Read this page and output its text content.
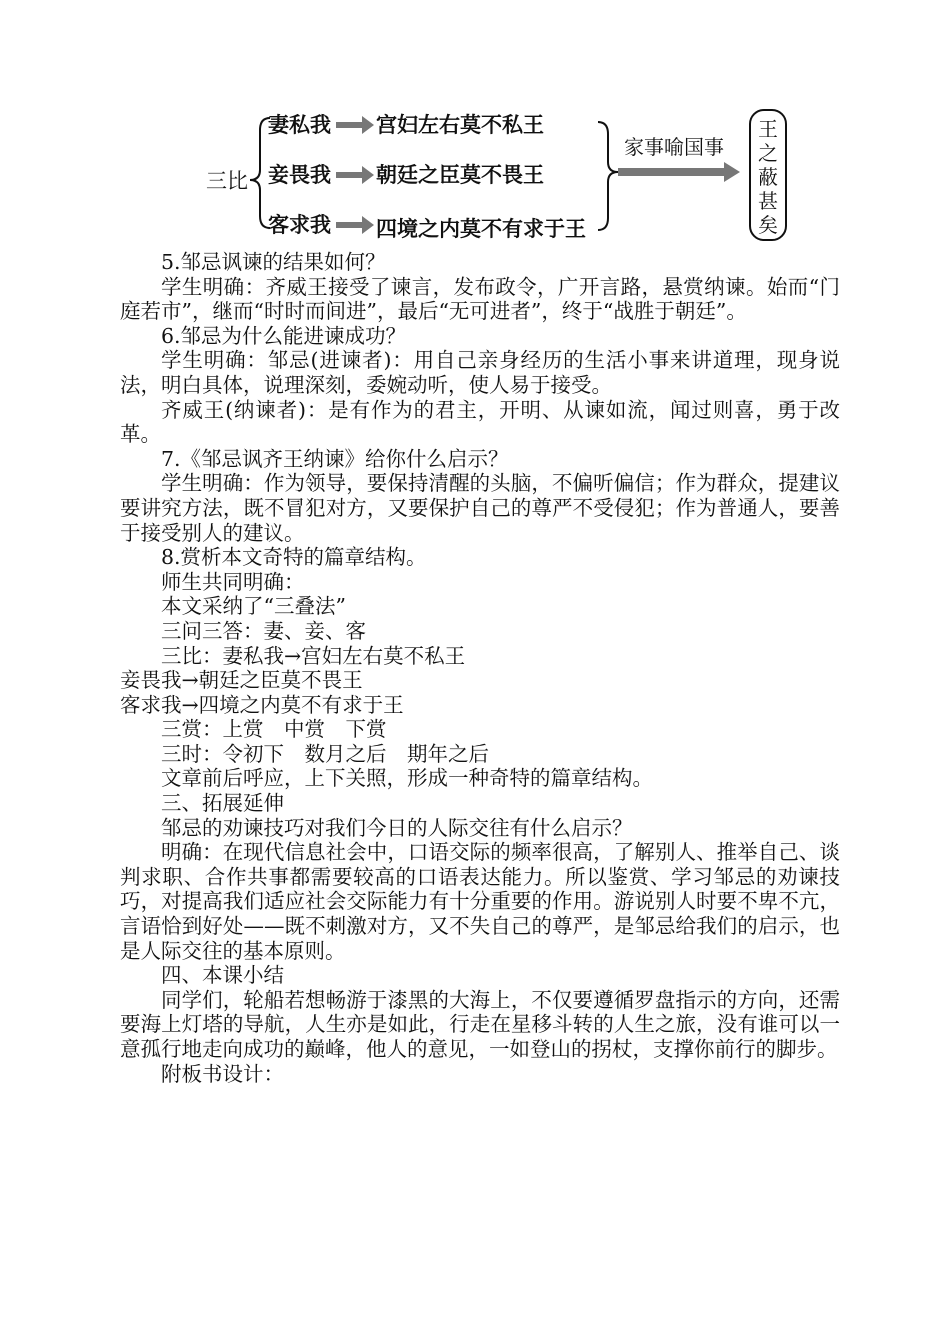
三比
妻私我 宫妇左右莫不私王
妾畏我 朝廷之臣莫不畏王
客求我 四境之内莫不有求于王
家事喻国事
王
之
蔽
甚
矣

5.邹忌讽谏的结果如何？

学生明确：齐威王接受了谏言，发布政令，广开言路，悬赏纳谏。始而“门庭若市”，继而“时时而间进”，最后“无可进者”，终于“战胜于朝廷”。

6.邹忌为什么能进谏成功？

学生明确：邹忌(进谏者)：用自己亲身经历的生活小事来讲道理，现身说法，明白具体，说理深刻，委婉动听，使人易于接受。

齐威王(纳谏者)：是有作为的君主，开明、从谏如流，闻过则喜，勇于改革。

7.《邹忌讽齐王纳谏》给你什么启示？

学生明确：作为领导，要保持清醒的头脑，不偏听偏信；作为群众，提建议要讲究方法，既不冒犯对方，又要保护自己的尊严不受侵犯；作为普通人，要善于接受别人的建议。

8.赏析本文奇特的篇章结构。

师生共同明确：

本文采纳了“三叠法”

三问三答：妻、妾、客

三比：妻私我→宫妇左右莫不私王

妾畏我→朝廷之臣莫不畏王

客求我→四境之内莫不有求于王

三赏：上赏　中赏　下赏

三时：令初下　数月之后　期年之后

文章前后呼应，上下关照，形成一种奇特的篇章结构。

三、拓展延伸

邹忌的劝谏技巧对我们今日的人际交往有什么启示？

明确：在现代信息社会中，口语交际的频率很高，了解别人、推举自己、谈判求职、合作共事都需要较高的口语表达能力。所以鉴赏、学习邹忌的劝谏技巧，对提高我们适应社会交际能力有十分重要的作用。游说别人时要不卑不亢，言语恰到好处——既不刺激对方，又不失自己的尊严，是邹忌给我们的启示，也是人际交往的基本原则。

四、本课小结

同学们，轮船若想畅游于漆黑的大海上，不仅要遵循罗盘指示的方向，还需要海上灯塔的导航，人生亦是如此，行走在星移斗转的人生之旅，没有谁可以一意孤行地走向成功的巅峰，他人的意见，一如登山的拐杖，支撑你前行的脚步。

附板书设计：
